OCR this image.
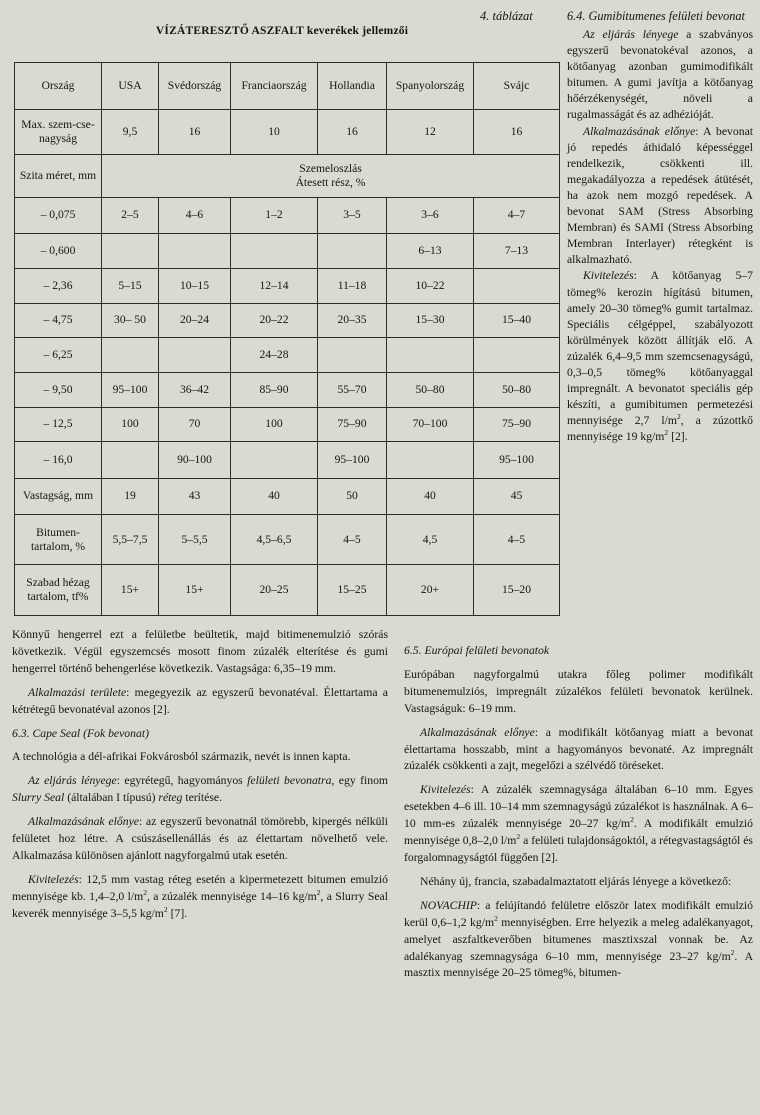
4. táblázat
VÍZÁTERESZTŐ ASZFALT keverékek jellemzői
Ország	USA	Svédország	Franciaország	Hollandia	Spanyolország	Svájc
Max. szem-cse-nagyság	9,5	16	10	16	12	16
Szita méret, mm	Szemeloszlás
Átesett rész, %					

– 0,075	2–5	4–6	1–2	3–5	3–6	4–7
– 0,600					6–13	7–13
– 2,36	5–15	10–15	12–14	11–18	10–22	
– 4,75	30– 50	20–24	20–22	20–35	15–30	15–40
– 6,25			24–28			
– 9,50	95–100	36–42	85–90	55–70	50–80	50–80
– 12,5	100	70	100	75–90	70–100	75–90
– 16,0		90–100		95–100		95–100
Vastagság, mm	19	43	40	50	40	45
Bitumen-tartalom, %	5,5–7,5	5–5,5	4,5–6,5	4–5	4,5	4–5
Szabad hézag tartalom, tf%	15+	15+	20–25	15–25	20+	15–20

6.4. Gumibitumenes felületi bevonat

Az eljárás lényege a szabványos egyszerű bevonatokéval azonos, a kötőanyag azonban gumimodifikált bitumen. A gumi javítja a kötőanyag hőérzékenységét, növeli a rugalmasságát és az adhézióját.

Alkalmazásának előnye: A bevonat jó repedés áthidaló képességgel rendelkezik, csökkenti ill. megakadályozza a repedések átütését, ha azok nem mozgó repedések. A bevonat SAM (Stress Absorbing Membran) és SAMI (Stress Absorbing Membran Interlayer) rétegként is alkalmazható.

Kivitelezés: A kötőanyag 5–7 tömeg% kerozin hígítású bitumen, amely 20–30 tömeg% gumit tartalmaz. Speciális célgéppel, szabályozott körülmények között állítják elő. A zúzalék 6,4–9,5 mm szemcsenagyságú, 0,3–0,5 tömeg% kötőanyaggal impregnált. A bevonatot speciális gép készíti, a gumibitumen permetezési mennyisége 2,7 $l/m^2$, a zúzottkő mennyisége 19 $kg/m^2$ [2].

Könnyű hengerrel ezt a felületbe beültetik, majd bitimenemulzió szórás következik. Végül egyszemcsés mosott finom zúzalék elterítése és gumi hengerrel történő behengerlése következik. Vastagsága: 6,35–19 mm.

Alkalmazási területe: megegyezik az egyszerű bevonatéval. Élettartama a kétrétegű bevonatéval azonos [2].

6.3. Cape Seal (Fok bevonat)

A technológia a dél-afrikai Fokvárosból származik, nevét is innen kapta.

Az eljárás lényege: egyrétegű, hagyományos felületi bevonatra, egy finom Slurry Seal (általában I típusú) réteg terítése.

Alkalmazásának előnye: az egyszerű bevonatnál tömörebb, kipergés nélküli felületet hoz létre. A csúszásellenállás és az élettartam növelhető vele. Alkalmazása különösen ajánlott nagyforgalmú utak esetén.

Kivitelezés: 12,5 mm vastag réteg esetén a kipermetezett bitumen emulzió mennyisége kb. 1,4–2,0 $l/m^2$, a zúzalék mennyisége 14–16 $kg/m^2$, a Slurry Seal keverék mennyisége 3–5,5 $kg/m^2$ [7].

6.5. Európai felületi bevonatok

Európában nagyforgalmú utakra főleg polimer modifikált bitumenemulziós, impregnált zúzalékos felületi bevonatok kerülnek. Vastagságuk: 6–19 mm.

Alkalmazásának előnye: a modifikált kötőanyag miatt a bevonat élettartama hosszabb, mint a hagyományos bevonaté. Az impregnált zúzalék csökkenti a zajt, megelőzi a szélvédő töréseket.

Kivitelezés: A zúzalék szemnagysága általában 6–10 mm. Egyes esetekben 4–6 ill. 10–14 mm szemnagyságú zúzalékot is használnak. A 6–10 mm-es zúzalék mennyisége 20–27 $kg/m^2$. A modifikált emulzió mennyisége 0,8–2,0 $l/m^2$ a felületi tulajdonságoktól, a rétegvastagságtól és forgalomnagyságtól függően [2].

Néhány új, francia, szabadalmaztatott eljárás lényege a következő:

NOVACHIP: a felújítandó felületre először latex modifikált emulzió kerül 0,6–1,2 $kg/m^2$ mennyiségben. Erre helyezik a meleg adalékanyagot, amelyet aszfaltkeverőben bitumenes masztixszal vonnak be. Az adalékanyag szemnagysága 6–10 mm, mennyisége 23–27 $kg/m^2$. A masztix mennyisége 20–25 tömeg%, bitumen-
